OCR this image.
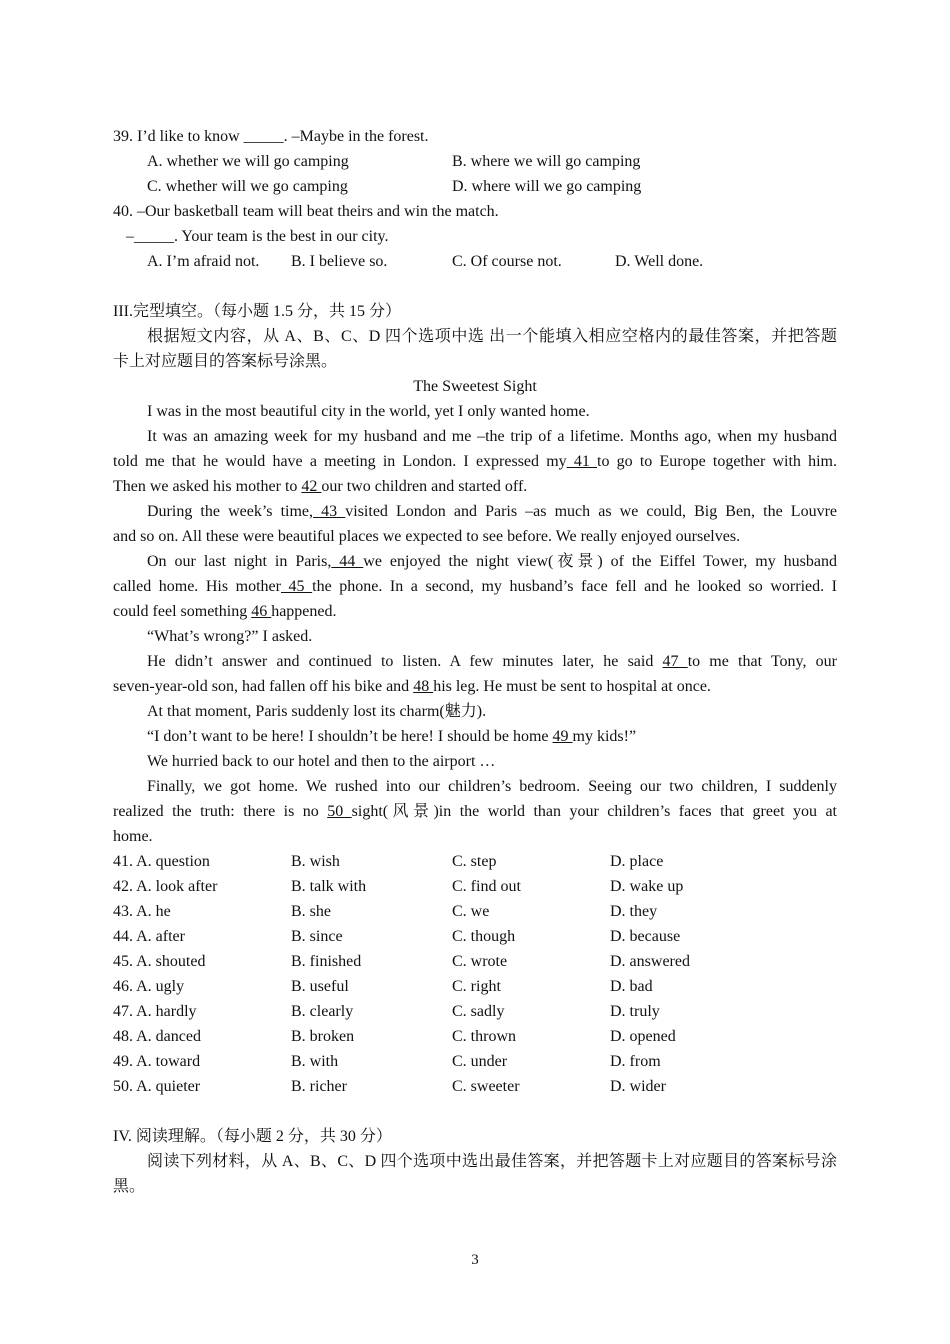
39. I’d like to know _____. –Maybe in the forest.
A. whether we will go camping	B. where we will go camping
C. whether will we go camping	D. where will we go camping
40. –Our basketball team will beat theirs and win the match.
–_____. Your team is the best in our city.
A. I’m afraid not. B. I believe so.	C. Of course not.	D. Well done.
III.完型填空。（每小题 1.5 分，共 15 分）
根据短文内容，从 A、B、C、D 四个选项中选 出一个能填入相应空格内的最佳答案，并把答题
卡上对应题目的答案标号涂黑。
The Sweetest Sight
I was in the most beautiful city in the world, yet I only wanted home.
It was an amazing week for my husband and me –the trip of a lifetime. Months ago, when my husband
told me that he would have a meeting in London. I expressed my 41 to go to Europe together with him.
Then we asked his mother to 42 our two children and started off.
During the week’s time, 43 visited London and Paris –as much as we could, Big Ben, the Louvre
and so on. All these were beautiful places we expected to see before. We really enjoyed ourselves.
On our last night in Paris, 44 we enjoyed the night view(夜景) of the Eiffel Tower, my husband
called home. His mother 45 the phone. In a second, my husband’s face fell and he looked so worried. I
could feel something 46 happened.
“What’s wrong?” I asked.
He didn’t answer and continued to listen. A few minutes later, he said 47 to me that Tony, our
seven-year-old son, had fallen off his bike and 48 his leg. He must be sent to hospital at once.
At that moment, Paris suddenly lost its charm(魅力).
“I don’t want to be here! I shouldn’t be here! I should be home 49 my kids!”
We hurried back to our hotel and then to the airport …
Finally, we got home. We rushed into our children’s bedroom. Seeing our two children, I suddenly
realized the truth: there is no 50 sight(风景)in the world than your children’s faces that greet you at
home.
41. A. question	B. wish	C. step	D. place
42. A. look after	B. talk with	C. find out	D. wake up
43. A. he	B. she	C. we	D. they
44. A. after	B. since	C. though	D. because
45. A. shouted	B. finished	C. wrote	D. answered
46. A. ugly	B. useful	C. right	D. bad
47. A. hardly	B. clearly	C. sadly	D. truly
48. A. danced	B. broken	C. thrown	D. opened
49. A. toward	B. with	C. under	D. from
50. A. quieter	B. richer	C. sweeter	D. wider
IV. 阅读理解。（每小题 2 分，共 30 分）
阅读下列材料，从 A、B、C、D 四个选项中选出最佳答案，并把答题卡上对应题目的答案标号涂
黑。
3
